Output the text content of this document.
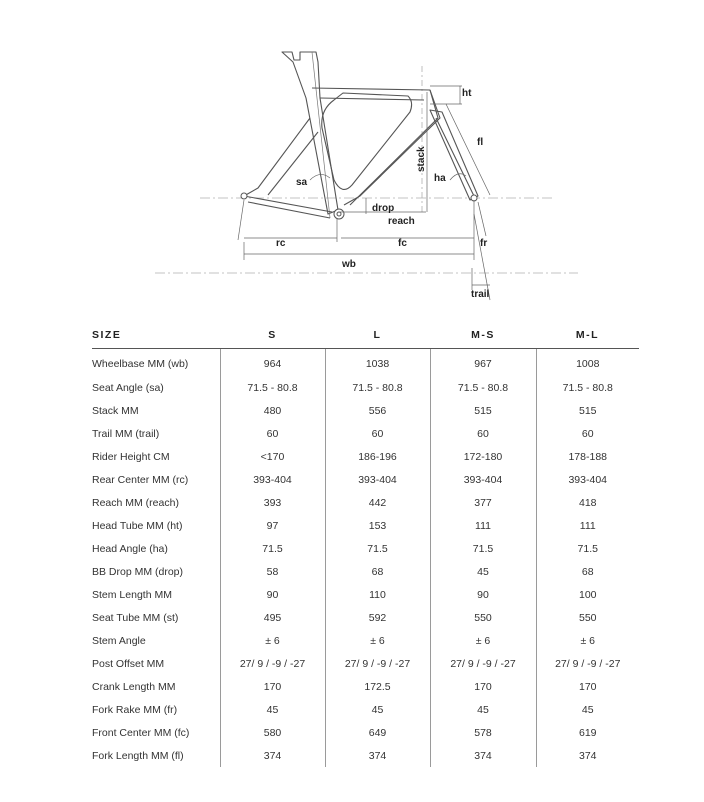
ht
fl
stack
sa	ha
drop
reach
rc	fc	fr
wb
trail
SIZE	S	L	M-S	M-L
Wheelbase MM (wb)	964	1038	967	1008
Seat Angle (sa)	71.5 - 80.8	71.5 - 80.8	71.5 - 80.8	71.5 - 80.8
Stack MM	480	556	515	515
Trail MM (trail)	60	60	60	60
Rider Height CM	<170	186-196	172-180	178-188
Rear Center MM (rc)	393-404	393-404	393-404	393-404
Reach MM (reach)	393	442	377	418
Head Tube MM (ht)	97	153	111	111
Head Angle (ha)	71.5	71.5	71.5	71.5
BB Drop MM (drop)	58	68	45	68
Stem Length MM	90	110	90	100
Seat Tube MM (st)	495	592	550	550
Stem Angle	± 6	± 6	± 6	± 6
Post Offset MM	27/ 9 / -9 / -27	27/ 9 / -9 / -27	27/ 9 / -9 / -27	27/ 9 / -9 / -27
Crank Length MM	170	172.5	170	170
Fork Rake MM (fr)	45	45	45	45
Front Center MM (fc)	580	649	578	619
Fork Length MM (fl)	374	374	374	374
